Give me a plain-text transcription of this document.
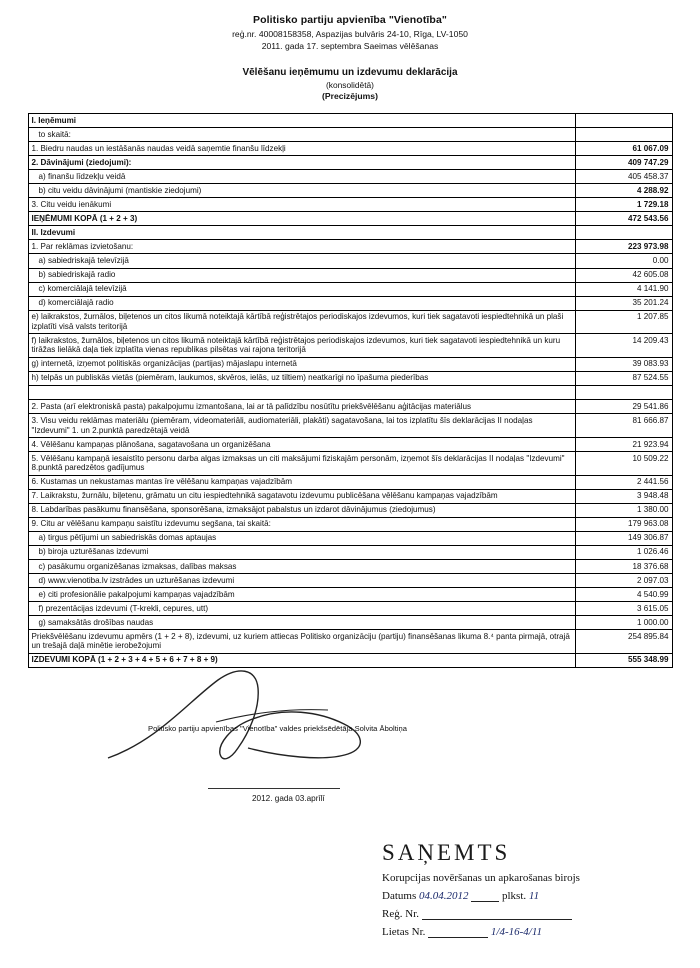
Politisko partiju apvienība "Vienotība"
reģ.nr. 40008158358, Aspazijas bulvāris 24-10, Rīga, LV-1050
2011. gada 17. septembra Saeimas vēlēšanas
Vēlēšanu ieņēmumu un izdevumu deklarācija
(konsolidētā)
(Precizējums)
I. Ieņēmumi	
to skaitā:	
1. Biedru naudas un iestāšanās naudas veidā saņemtie finanšu līdzekļi	61 067.09
2. Dāvinājumi (ziedojumi):	409 747.29
a) finanšu līdzekļu veidā	405 458.37
b) citu veidu dāvinājumi (mantiskie ziedojumi)	4 288.92
3. Citu veidu ienākumi	1 729.18
IEŅĒMUMI KOPĀ (1 + 2 + 3)	472 543.56
II. Izdevumi	
1. Par reklāmas izvietošanu:	223 973.98
a) sabiedriskajā televīzijā	0.00
b) sabiedriskajā radio	42 605.08
c) komerciālajā televīzijā	4 141.90
d) komerciālajā radio	35 201.24
e) laikrakstos, žurnālos, biļetenos un citos likumā noteiktajā kārtībā reģistrētajos periodiskajos izdevumos, kuri tiek sagatavoti iespiedtehnikā un plaši izplatīti visā valsts teritorijā	1 207.85
f) laikrakstos, žurnālos, biļetenos un citos likumā noteiktajā kārtībā reģistrētajos periodiskajos izdevumos, kuri tiek sagatavoti iespiedtehnikā un kuru tirāžas lielākā daļa tiek izplatīta vienas republikas pilsētas vai rajona teritorijā	14 209.43
g) internetā, izņemot politiskās organizācijas (partijas) mājaslapu internetā	39 083.93
h) telpās un publiskās vietās (piemēram, laukumos, skvēros, ielās, uz tiltiem) neatkarīgi no īpašuma piederības	87 524.55

2. Pasta (arī elektroniskā pasta) pakalpojumu izmantošana, lai ar tā palīdzību nosūtītu priekšvēlēšanu aģitācijas materiālus	29 541.86
3. Visu veidu reklāmas materiālu (piemēram, videomateriāli, audiomateriāli, plakāti) sagatavošana, lai tos izplatītu šīs deklarācijas II nodaļas "Izdevumi" 1. un 2.punktā paredzētajā veidā	81 666.87
4. Vēlēšanu kampaņas plānošana, sagatavošana un organizēšana	21 923.94
5. Vēlēšanu kampaņā iesaistīto personu darba algas izmaksas un citi maksājumi fiziskajām personām, izņemot šīs deklarācijas II nodaļas "Izdevumi" 8.punktā paredzētos gadījumus	10 509.22
6. Kustamas un nekustamas mantas īre vēlēšanu kampaņas vajadzībām	2 441.56
7. Laikrakstu, žurnālu, biļetenu, grāmatu un citu iespiedtehnikā sagatavotu izdevumu publicēšana vēlēšanu kampaņas vajadzībām	3 948.48
8. Labdarības pasākumu finansēšana, sponsorēšana, izmaksājot pabalstus un izdarot dāvinājumus (ziedojumus)	1 380.00
9. Citu ar vēlēšanu kampaņu saistītu izdevumu segšana, tai skaitā:	179 963.08
a) tirgus pētījumi un sabiedriskās domas aptaujas	149 306.87
b) biroja uzturēšanas izdevumi	1 026.46
c) pasākumu organizēšanas izmaksas, dalības maksas	18 376.68
d) www.vienotiba.lv izstrādes un uzturēšanas izdevumi	2 097.03
e) citi profesionālie pakalpojumi kampaņas vajadzībām	4 540.99
f) prezentācijas izdevumi (T-krekli, cepures, utt)	3 615.05
g) samaksātās drošības naudas	1 000.00
Priekšvēlēšanu izdevumu apmērs (1 + 2 + 8), izdevumi, uz kuriem attiecas Politisko organizāciju (partiju) finansēšanas likuma 8.⁴ panta pirmajā, otrajā un trešajā daļā minētie ierobežojumi	254 895.84
IZDEVUMI KOPĀ (1 + 2 + 3 + 4 + 5 + 6 + 7 + 8 + 9)	555 348.99
Politisko partiju apvienības "Vienotība" valdes priekšsēdētāja Solvita Āboltiņa
2012. gada 03.aprīlī
SAŅEMTS
Korupcijas novēršanas un apkarošanas birojs
Datums 04.04.2012	plkst. 11
Reģ. Nr.
Lietas Nr.	1/4-16-4/11
